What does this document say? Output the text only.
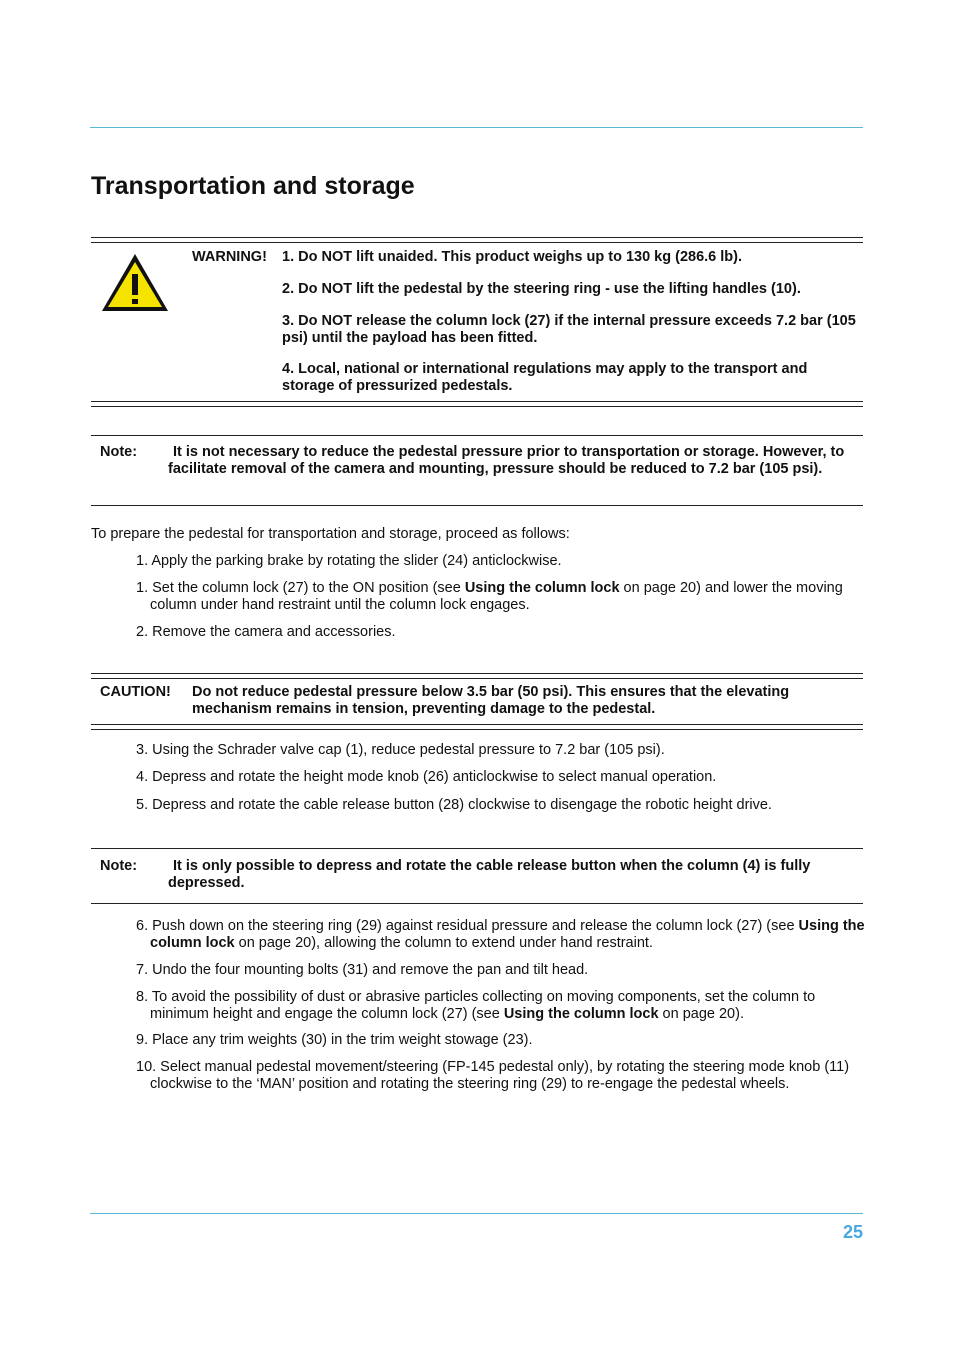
Transportation and storage
WARNING! 1. Do NOT lift unaided. This product weighs up to 130 kg (286.6 lb).
2. Do NOT lift the pedestal by the steering ring - use the lifting handles (10).
3. Do NOT release the column lock (27) if the internal pressure exceeds 7.2 bar (105 psi) until the payload has been fitted.
4. Local, national or international regulations may apply to the transport and storage of pressurized pedestals.
Note:	It is not necessary to reduce the pedestal pressure prior to transportation or storage. However, to facilitate removal of the camera and mounting, pressure should be reduced to 7.2 bar (105 psi).
To prepare the pedestal for transportation and storage, proceed as follows:
1. Apply the parking brake by rotating the slider (24) anticlockwise.
1. Set the column lock (27) to the ON position (see Using the column lock on page 20) and lower the moving column under hand restraint until the column lock engages.
2. Remove the camera and accessories.
CAUTION! Do not reduce pedestal pressure below 3.5 bar (50 psi). This ensures that the elevating mechanism remains in tension, preventing damage to the pedestal.
3. Using the Schrader valve cap (1), reduce pedestal pressure to 7.2 bar (105 psi).
4. Depress and rotate the height mode knob (26) anticlockwise to select manual operation.
5. Depress and rotate the cable release button (28) clockwise to disengage the robotic height drive.
Note:	It is only possible to depress and rotate the cable release button when the column (4) is fully depressed.
6. Push down on the steering ring (29) against residual pressure and release the column lock (27) (see Using the column lock on page 20), allowing the column to extend under hand restraint.
7. Undo the four mounting bolts (31) and remove the pan and tilt head.
8. To avoid the possibility of dust or abrasive particles collecting on moving components, set the column to minimum height and engage the column lock (27) (see Using the column lock on page 20).
9. Place any trim weights (30) in the trim weight stowage (23).
10. Select manual pedestal movement/steering (FP-145 pedestal only), by rotating the steering mode knob (11) clockwise to the ‘MAN’ position and rotating the steering ring (29) to re-engage the pedestal wheels.
25
